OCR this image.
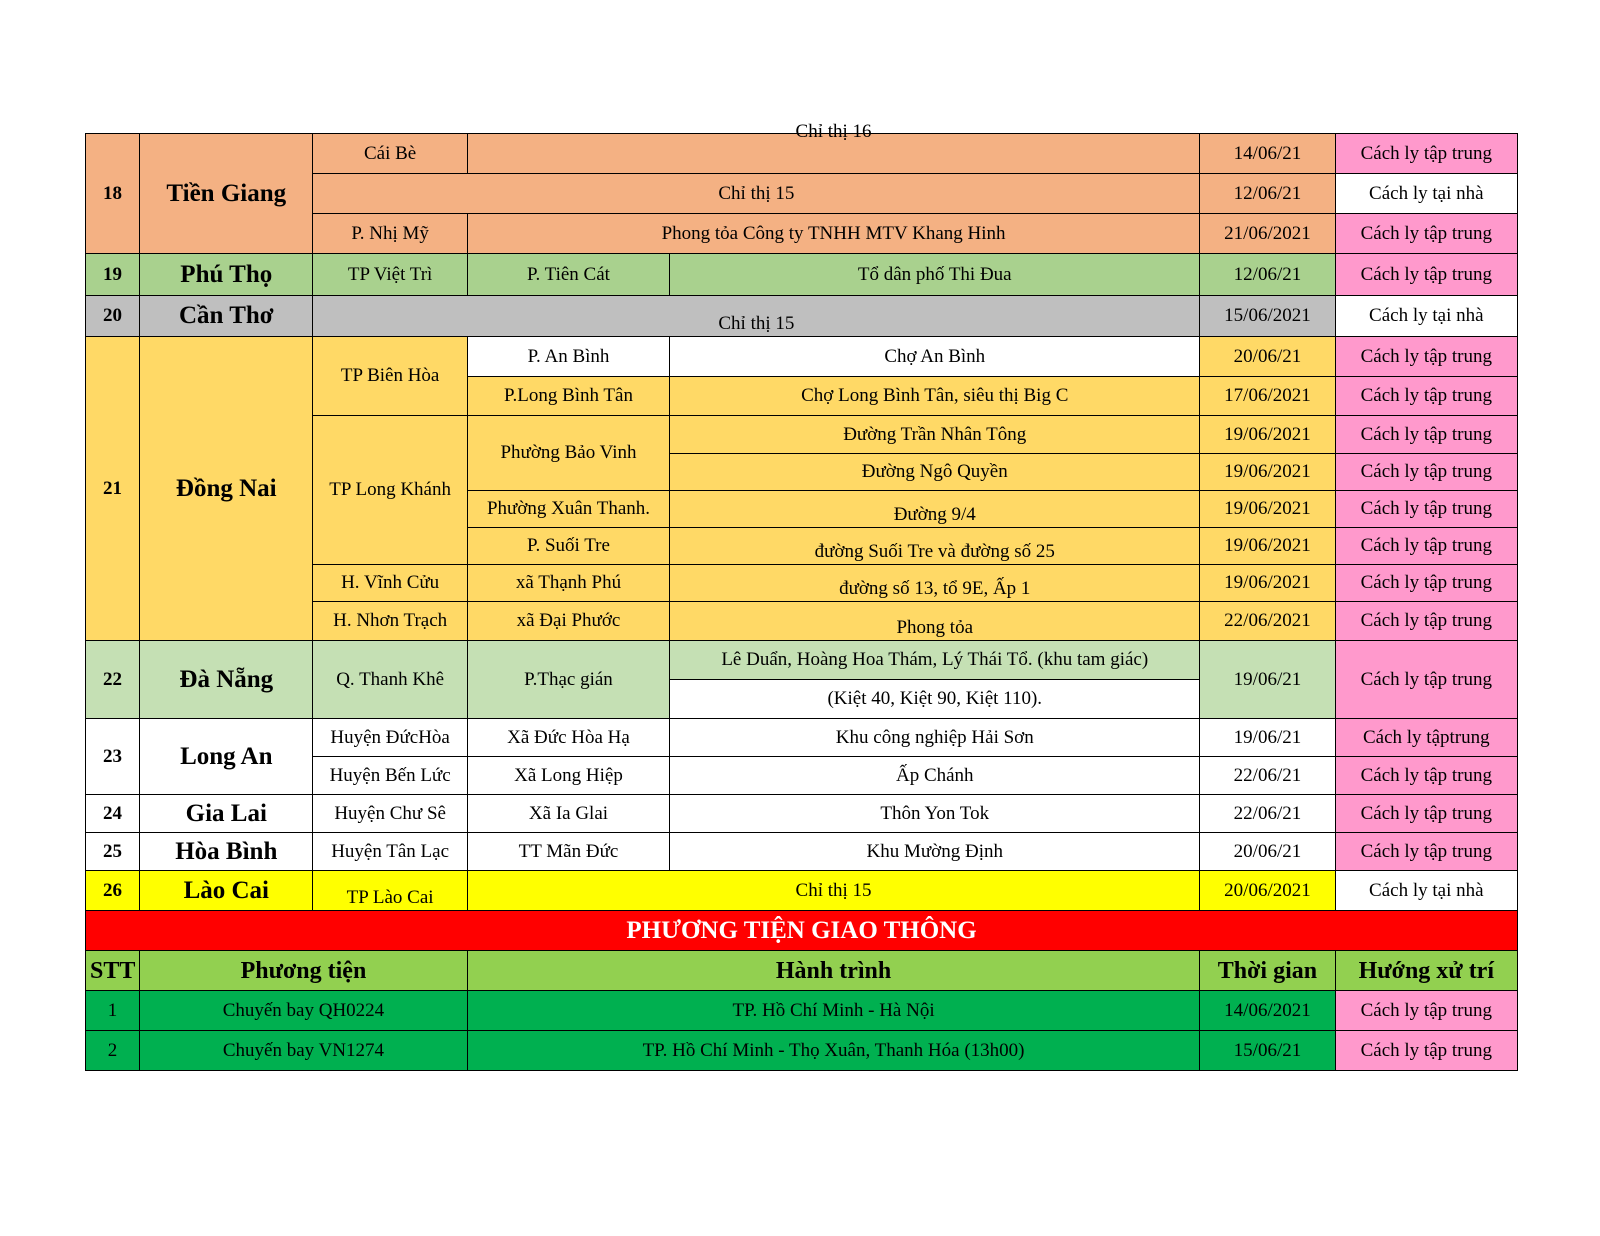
18	Tiền Giang	Cái Bè	Chỉ thị 16		14/06/21	Cách ly tập trung
		Chỉ thị 15			12/06/21	Cách ly tại nhà
		P. Nhị Mỹ	Phong tỏa Công ty TNHH MTV Khang Hinh		21/06/2021	Cách ly tập trung
19	Phú Thọ	TP Việt Trì	P. Tiên Cát	Tổ dân phố Thi Đua	12/06/21	Cách ly tập trung
20	Cần Thơ	Chỉ thị 15			15/06/2021	Cách ly tại nhà
21	Đồng Nai	TP Biên Hòa	P. An Bình	Chợ An Bình	20/06/21	Cách ly tập trung
			P.Long Bình Tân	Chợ Long Bình Tân, siêu thị Big C	17/06/2021	Cách ly tập trung
		TP Long Khánh	Phường Bảo Vinh	Đường Trần Nhân Tông	19/06/2021	Cách ly tập trung
				Đường Ngô Quyền	19/06/2021	Cách ly tập trung
			Phường Xuân Thanh.	Đường 9/4	19/06/2021	Cách ly tập trung
			P. Suối Tre	đường Suối Tre và đường số 25	19/06/2021	Cách ly tập trung
		H. Vĩnh Cửu	xã Thạnh Phú	đường số 13, tổ 9E, Ấp 1	19/06/2021	Cách ly tập trung
		H. Nhơn Trạch	xã Đại Phước	Phong tỏa	22/06/2021	Cách ly tập trung
22	Đà Nẵng	Q. Thanh Khê	P.Thạc gián	Lê Duẩn, Hoàng Hoa Thám, Lý Thái Tổ. (khu tam giác)	19/06/21	Cách ly tập trung
				(Kiệt 40, Kiệt 90, Kiệt 110).		
23	Long An	Huyện ĐứcHòa	Xã Đức Hòa Hạ	Khu công nghiệp Hải Sơn	19/06/21	Cách ly tậptrung
		Huyện Bến Lức	Xã Long Hiệp	Ấp Chánh	22/06/21	Cách ly tập trung
24	Gia Lai	Huyện Chư Sê	Xã Ia Glai	Thôn Yon Tok	22/06/21	Cách ly tập trung
25	Hòa Bình	Huyện Tân Lạc	TT Mãn Đức	Khu Mường Định	20/06/21	Cách ly tập trung
26	Lào Cai	TP Lào Cai	Chỉ thị 15		20/06/2021	Cách ly tại nhà
PHƯƠNG TIỆN GIAO THÔNG						
STT	Phương tiện		Hành trình		Thời gian	Hướng xử trí
1	Chuyến bay QH0224		TP. Hồ Chí Minh - Hà Nội		14/06/2021	Cách ly tập trung
2	Chuyến bay VN1274		TP. Hồ Chí Minh - Thọ Xuân, Thanh Hóa (13h00)		15/06/21	Cách ly tập trung
